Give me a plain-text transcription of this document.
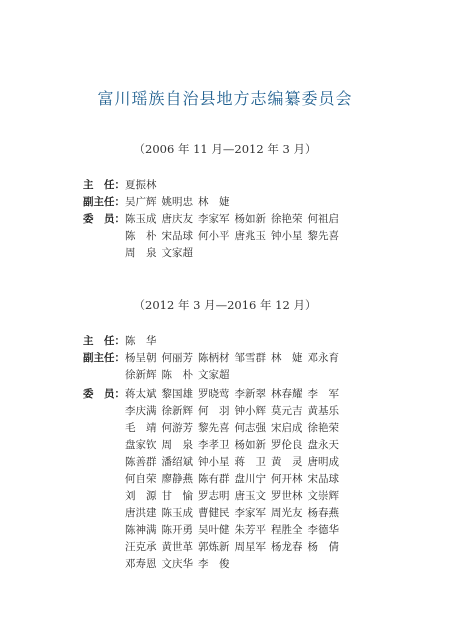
富川瑶族自治县地方志编纂委员会
（2006 年 11 月—2012 年 3 月）
主　任：夏振林
副主任： 吴广辉 姚明忠 林　婕
委　员： 陈玉成 唐庆友 李家军 杨如新 徐艳荣 何祖启
陈　朴 宋品球 何小平 唐兆玉 钟小星 黎先喜
周　泉 文家超
（2012 年 3 月—2016 年 12 月）
主　任：陈　华
副主任： 杨呈朝 何丽芳 陈柄材 邹雪群 林　婕 邓永育
徐新辉 陈　朴 文家超
委　员： 蒋太斌 黎国雄 罗晓莺 李新翠 林春耀 李　军
李庆满 徐新辉 何　羽 钟小辉 莫元吉 黄基乐
毛　靖 何游芳 黎先喜 何志强 宋启成 徐艳荣
盘家钦 周　泉 李孝卫 杨如新 罗伦良 盘永天
陈善群 潘绍斌 钟小星 蒋　卫 黄　灵 唐明成
何自荣 廖静燕 陈有群 盘川宁 何开林 宋品球
刘　源 甘　愉 罗志明 唐玉文 罗世林 文崇辉
唐洪建 陈玉成 曹健民 李家军 周光友 杨春燕
陈神满 陈开勇 吴叶健 朱芳平 程胜全 李德华
汪克承 黄世革 郭炼新 周星军 杨龙春 杨　倩
邓寿恩 文庆华 李　俊
